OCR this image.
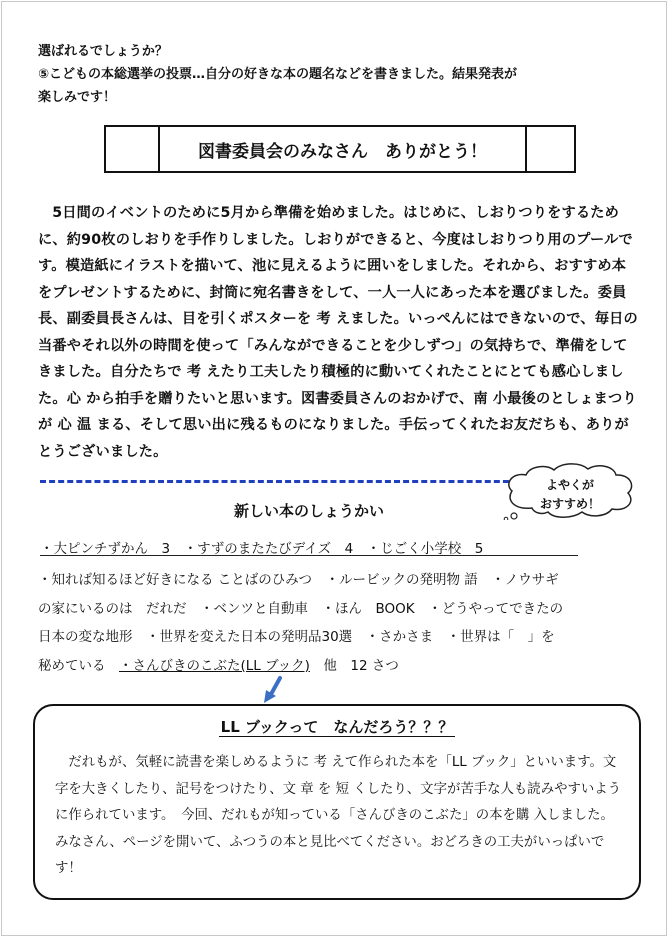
選ばれるでしょうか？

⑤こどもの本総選挙の投票…自分の好きな本の題名などを書きました。結果発表が

楽しみです！

図書委員会のみなさん　ありがとう！

5日間のイベントのために5月から準備を始めました。はじめに、しおりつりをするために、約90枚のしおりを手作りしました。しおりができると、今度はしおりつり用のプールです。模造紙にイラストを描いて、池に見えるように囲いをしました。それから、おすすめ本をプレゼントするために、封筒に宛名書きをして、一人一人にあった本を選びました。委員長、副委員長さんは、目を引くポスターを 考 えました。いっぺんにはできないので、毎日の当番やそれ以外の時間を使って「みんなができることを少しずつ」の気持ちで、準備をしてきました。自分たちで 考 えたり工夫したり積極的に動いてくれたことにとても感心しました。心 から拍手を贈りたいと思います。図書委員さんのおかげで、南 小最後のとしょまつりが 心 温 まる、そして思い出に残るものになりました。手伝ってくれたお友だちも、ありがとうございました。

よやくが
おすすめ！
新しい本のしょうかい
・大ピンチずかん　3　・すずのまたたびデイズ　4　・じごく小学校　5

・知れば知るほど好きになる ことばのひみつ　・ルービックの発明物 語　・ノウサギ

の家にいるのは　だれだ　・ベンツと自動車　・ほん　BOOK　・どうやってできたの

日本の変な地形　・世界を変えた日本の発明品30選　・さかさま　・世界は「　」を

秘めている　・さんびきのこぶた(LL ブック)　他　12 さつ

LL ブックって　なんだろう？？？

だれもが、気軽に読書を楽しめるように 考 えて作られた本を「LL ブック」といいます。文字を大きくしたり、記号をつけたり、文 章 を 短 くしたり、文字が苦手な人も読みやすいように作られています。　今回、だれもが知っている「さんびきのこぶた」の本を購 入しました。みなさん、ページを開いて、ふつうの本と見比べてください。おどろきの工夫がいっぱいです！
